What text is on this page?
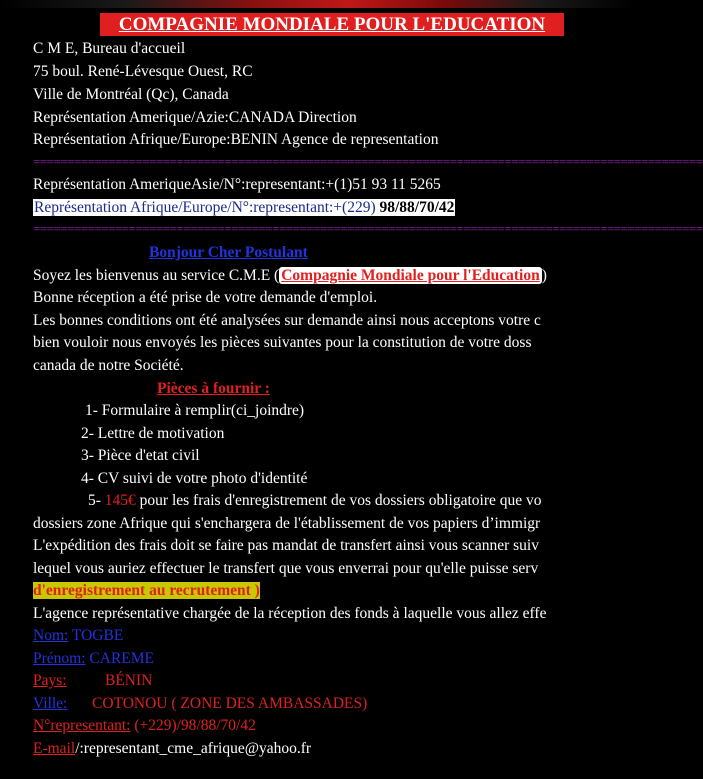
COMPAGNIE MONDIALE POUR L'EDUCATION
C M E, Bureau d'accueil
75 boul. René-Lévesque Ouest, RC
Ville de Montréal (Qc), Canada
Représentation Amerique/Azie:CANADA Direction
Représentation Afrique/Europe:BENIN Agence de representation
==================================================================================================
Représentation AmeriqueAsie/N°:representant:+(1)51 93 11 5265
Représentation Afrique/Europe/N°:representant:+(229) 98/88/70/42
==================================================================================================
Bonjour Cher Postulant
Soyez les bienvenus au service C.M.E ( Compagnie Mondiale pour l'Education )
Bonne réception a été prise de votre demande d'emploi.
Les bonnes conditions ont été analysées sur demande ainsi nous acceptons votre c
bien vouloir nous envoyés les pièces suivantes pour la constitution de votre doss
canada de notre Société.
Pièces à fournir :
1- Formulaire à remplir(ci_joindre)
2- Lettre de motivation
3- Pièce d'etat civil
4- CV suivi de votre photo d'identité
5- 145€ pour les frais d'enregistrement de vos dossiers obligatoire que vo
dossiers zone Afrique qui s'enchargera de l'établissement de vos papiers d’immigr
L'expédition des frais doit se faire pas mandat de transfert ainsi vous scanner suiv
lequel vous auriez effectuer le transfert que vous enverrai pour qu'elle puisse serv
d'enregistrement au recrutement )
L'agence représentative chargée de la réception des fonds à laquelle vous allez effe
Nom: TOGBE
Prénom: CAREME
Pays: BÉNIN
Ville: COTONOU ( ZONE DES AMBASSADES)
N°representant: (+229)/98/88/70/42
E-mail/:representant_cme_afrique@yahoo.fr
